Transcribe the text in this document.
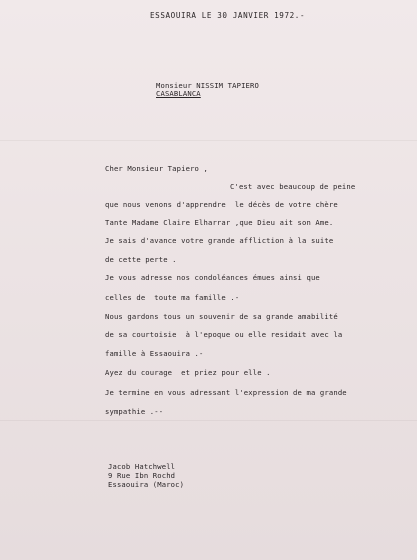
ESSAOUIRA LE 30 JANVIER 1972.-
Monsieur NISSIM TAPIERO
CASABLANCA
Cher Monsieur Tapiero ,
C'est avec beaucoup de peine
que nous venons d'apprendre  le décès de votre chère
Tante Madame Claire Elharrar ,que Dieu ait son Ame.
Je sais d'avance votre grande affliction à la suite
de cette perte .
Je vous adresse nos condoléances émues ainsi que
celles de  toute ma famille .-
Nous gardons tous un souvenir de sa grande amabilité
de sa courtoisie  à l'epoque ou elle residait avec la
famille à Essaouira .-
Ayez du courage  et priez pour elle .
Je termine en vous adressant l'expression de ma grande
sympathie .--
Jacob Hatchwell
9 Rue Ibn Rochd
Essaouira (Maroc)
